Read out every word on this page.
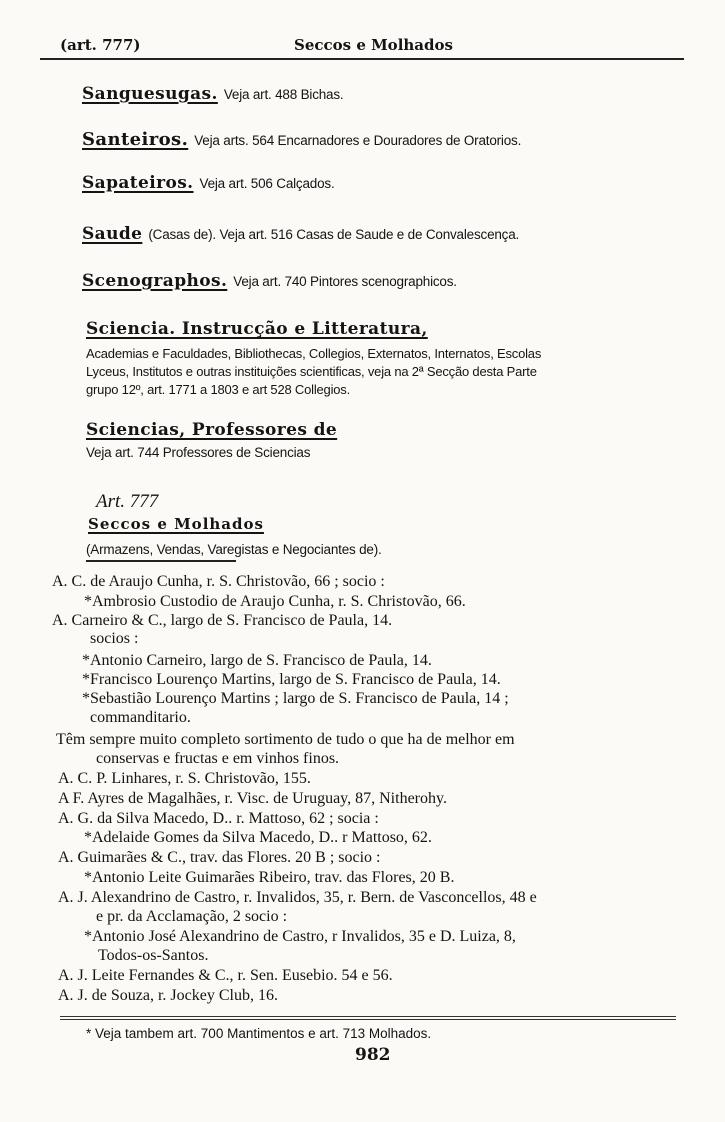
(art. 777)	Seccos e Molhados
Sanguesugas. Veja art. 488 Bichas.
Santeiros. Veja arts. 564 Encarnadores e Douradores de Oratorios.
Sapateiros. Veja art. 506 Calçados.
Saude (Casas de). Veja art. 516 Casas de Saude e de Convalescença.
Scenographos. Veja art. 740 Pintores scenographicos.
Sciencia. Instrucção e Litteratura,
Academias e Faculdades, Bibliothecas, Collegios, Externatos, Internatos, Escolas
Lyceus, Institutos e outras instituições scientificas, veja na 2ª Secção desta Parte
grupo 12º, art. 1771 a 1803 e art 528 Collegios.
Sciencias, Professores de
Veja art. 744 Professores de Sciencias
Art. 777
Seccos e Molhados
(Armazens, Vendas, Varegistas e Negociantes de).
A. C. de Araujo Cunha, r. S. Christovão, 66 ; socio :
*Ambrosio Custodio de Araujo Cunha, r. S. Christovão, 66.
A. Carneiro & C., largo de S. Francisco de Paula, 14.
socios :
*Antonio Carneiro, largo de S. Francisco de Paula, 14.
*Francisco Lourenço Martins, largo de S. Francisco de Paula, 14.
*Sebastião Lourenço Martins ; largo de S. Francisco de Paula, 14 ;
commanditario.
Têm sempre muito completo sortimento de tudo o que ha de melhor em
conservas e fructas e em vinhos finos.
A. C. P. Linhares, r. S. Christovão, 155.
A F. Ayres de Magalhães, r. Visc. de Uruguay, 87, Nitherohy.
A. G. da Silva Macedo, D.. r. Mattoso, 62 ; socia :
*Adelaide Gomes da Silva Macedo, D.. r Mattoso, 62.
A. Guimarães & C., trav. das Flores. 20 B ; socio :
*Antonio Leite Guimarães Ribeiro, trav. das Flores, 20 B.
A. J. Alexandrino de Castro, r. Invalidos, 35, r. Bern. de Vasconcellos, 48 e
e pr. da Acclamação, 2 socio :
*Antonio José Alexandrino de Castro, r Invalidos, 35 e D. Luiza, 8,
Todos-os-Santos.
A. J. Leite Fernandes & C., r. Sen. Eusebio. 54 e 56.
A. J. de Souza, r. Jockey Club, 16.
* Veja tambem art. 700 Mantimentos e art. 713 Molhados.
982
